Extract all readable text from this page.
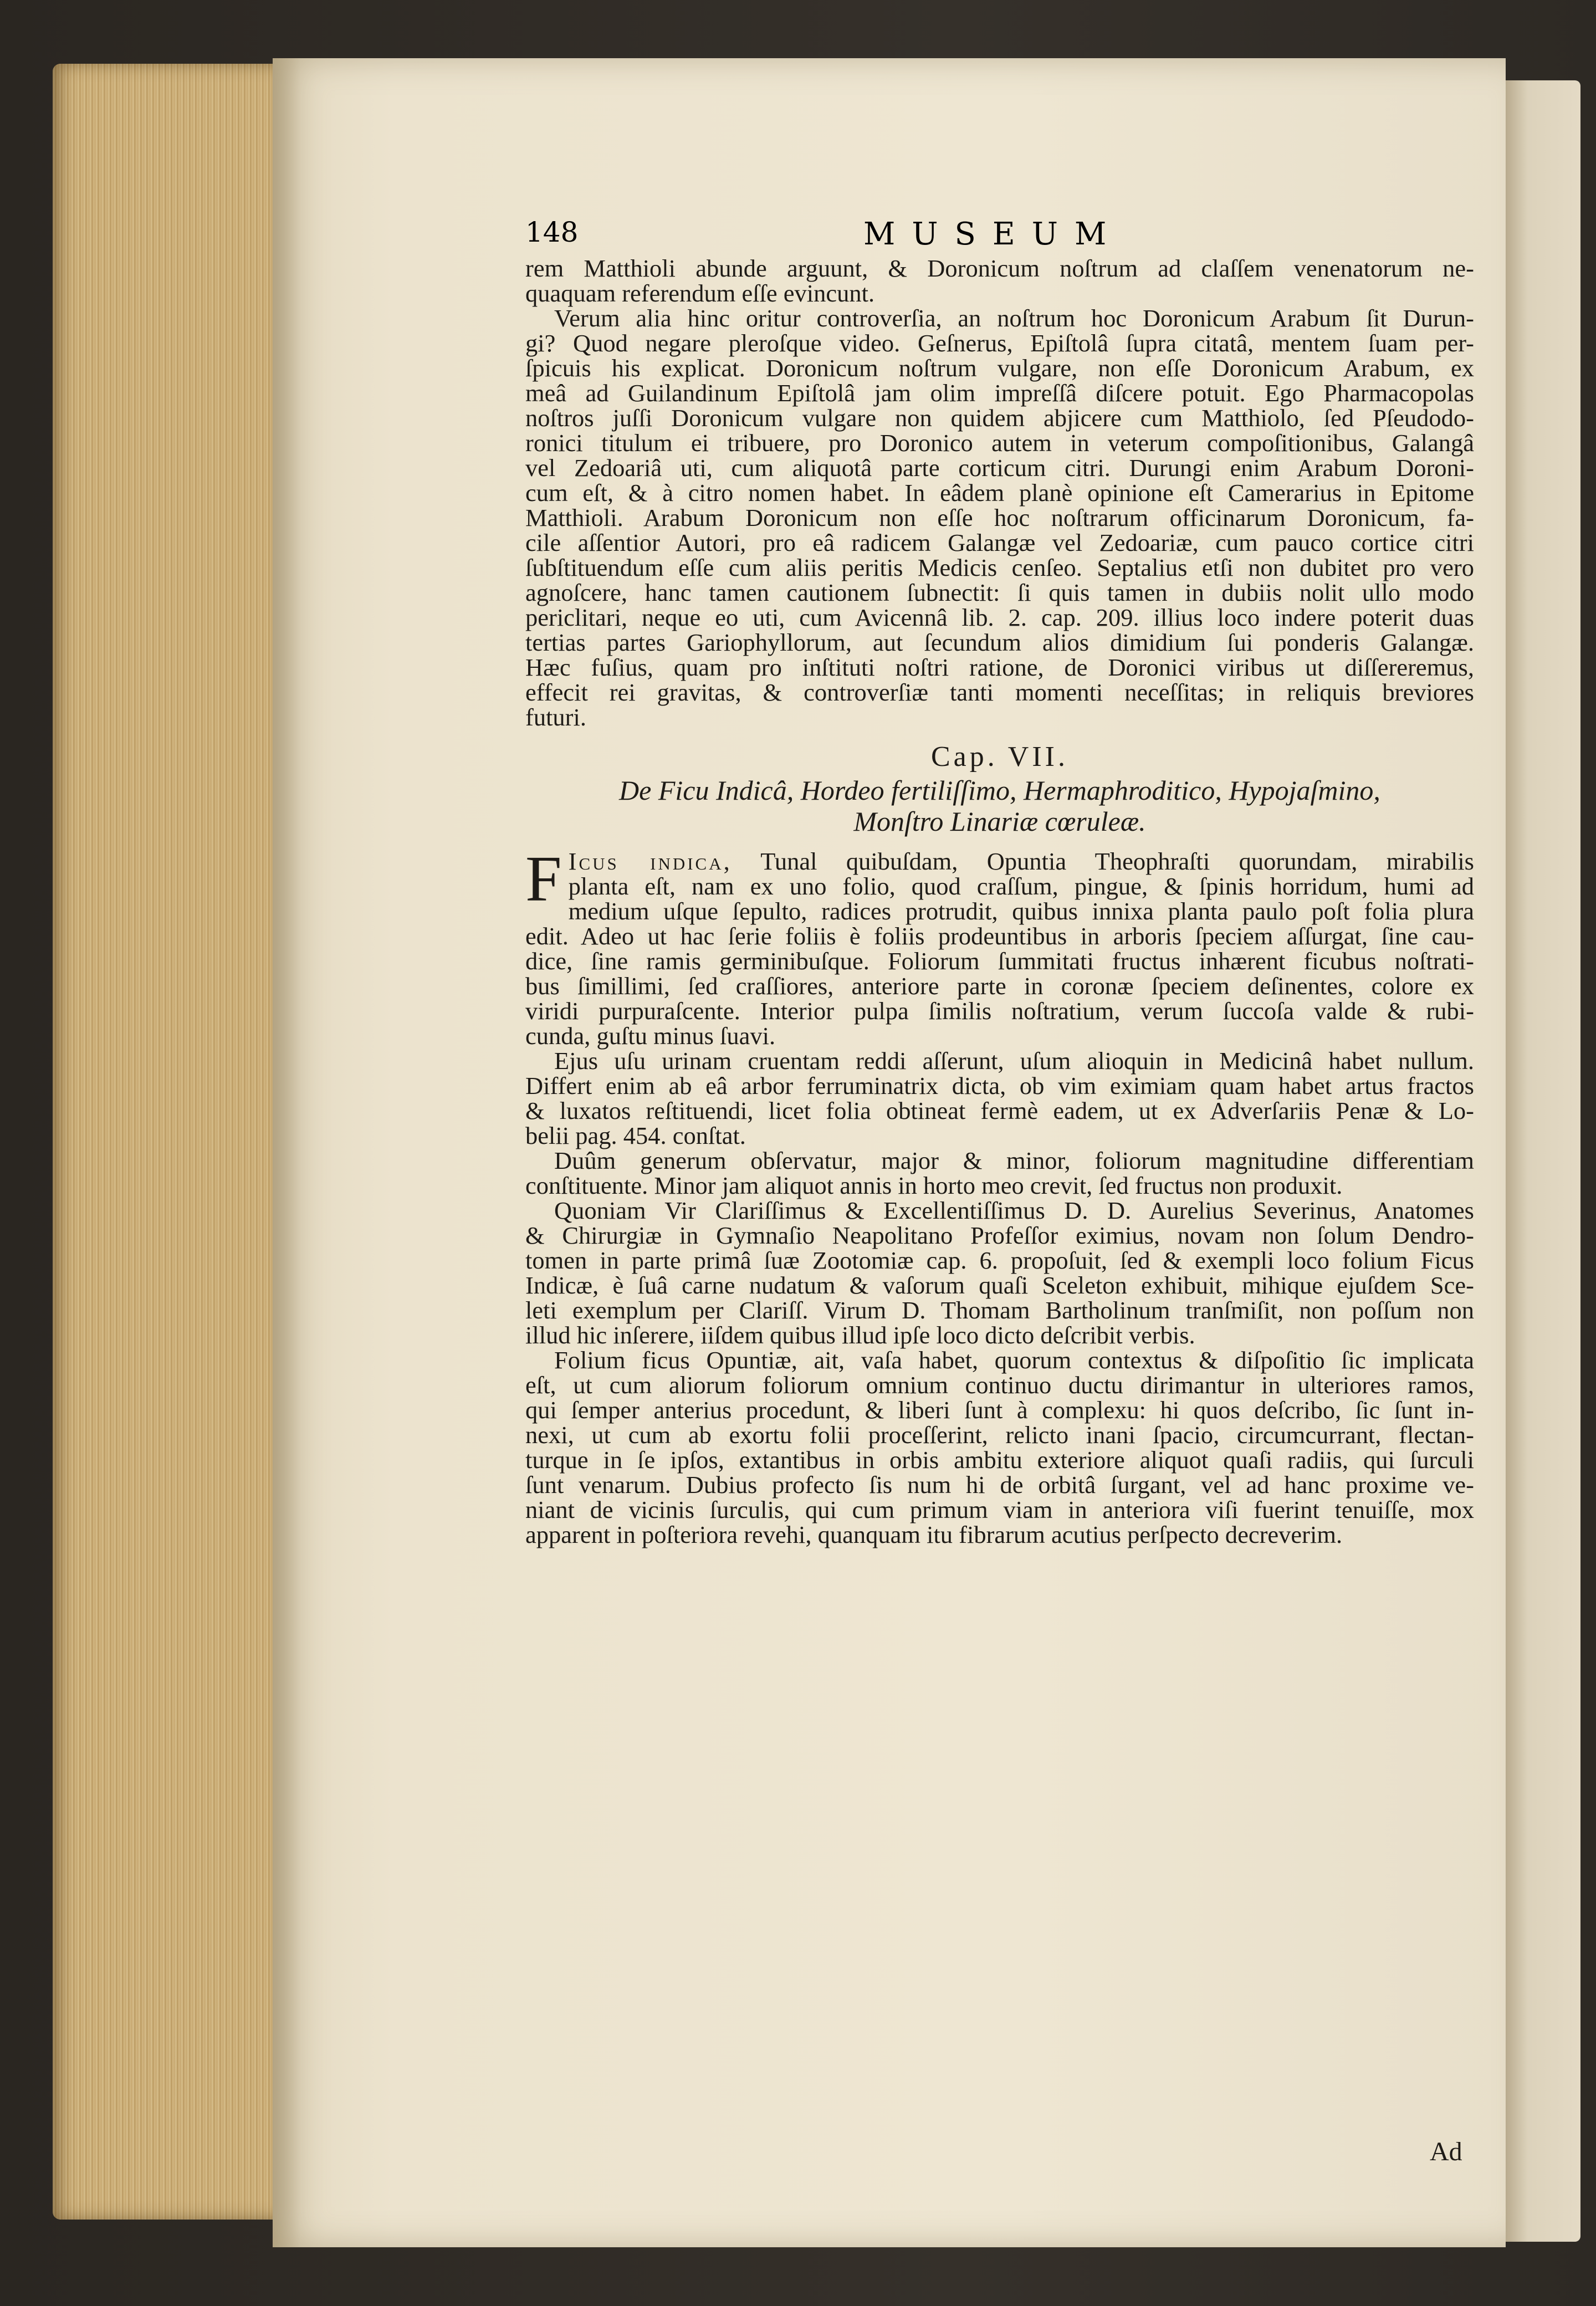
148	MUSEUM
rem Matthioli abunde arguunt, & Doronicum noſtrum ad claſſem venenatorum ne-
quaquam referendum eſſe evincunt.
Verum alia hinc oritur controverſia, an noſtrum hoc Doronicum Arabum ſit Durun-
gi? Quod negare pleroſque video. Geſnerus, Epiſtolâ ſupra citatâ, mentem ſuam per-
ſpicuis his explicat. Doronicum noſtrum vulgare, non eſſe Doronicum Arabum, ex
meâ ad Guilandinum Epiſtolâ jam olim impreſſâ diſcere potuit. Ego Pharmacopolas
noſtros juſſi Doronicum vulgare non quidem abjicere cum Matthiolo, ſed Pſeudodo-
ronici titulum ei tribuere, pro Doronico autem in veterum compoſitionibus, Galangâ
vel Zedoariâ uti, cum aliquotâ parte corticum citri. Durungi enim Arabum Doroni-
cum eſt, & à citro nomen habet. In eâdem planè opinione eſt Camerarius in Epitome
Matthioli. Arabum Doronicum non eſſe hoc noſtrarum officinarum Doronicum, fa-
cile aſſentior Autori, pro eâ radicem Galangæ vel Zedoariæ, cum pauco cortice citri
ſubſtituendum eſſe cum aliis peritis Medicis cenſeo. Septalius etſi non dubitet pro vero
agnoſcere, hanc tamen cautionem ſubnectit: ſi quis tamen in dubiis nolit ullo modo
periclitari, neque eo uti, cum Avicennâ lib. 2. cap. 209. illius loco indere poterit duas
tertias partes Gariophyllorum, aut ſecundum alios dimidium ſui ponderis Galangæ.
Hæc fuſius, quam pro inſtituti noſtri ratione, de Doronici viribus ut diſſereremus,
effecit rei gravitas, & controverſiæ tanti momenti neceſſitas; in reliquis breviores
futuri.
Cap. VII.
De Ficu Indicâ, Hordeo fertiliſſimo, Hermaphroditico, Hypojaſmino,
Monſtro Linariæ cœruleæ.
F Icus indica, Tunal quibuſdam, Opuntia Theophraſti quorundam, mirabilis
planta eſt, nam ex uno folio, quod craſſum, pingue, & ſpinis horridum, humi ad
medium uſque ſepulto, radices protrudit, quibus innixa planta paulo poſt folia plura
edit. Adeo ut hac ſerie foliis è foliis prodeuntibus in arboris ſpeciem aſſurgat, ſine cau-
dice, ſine ramis germinibuſque. Foliorum ſummitati fructus inhærent ficubus noſtrati-
bus ſimillimi, ſed craſſiores, anteriore parte in coronæ ſpeciem deſinentes, colore ex
viridi purpuraſcente. Interior pulpa ſimilis noſtratium, verum ſuccoſa valde & rubi-
cunda, guſtu minus ſuavi.
Ejus uſu urinam cruentam reddi aſſerunt, uſum alioquin in Medicinâ habet nullum.
Differt enim ab eâ arbor ferruminatrix dicta, ob vim eximiam quam habet artus fractos
& luxatos reſtituendi, licet folia obtineat fermè eadem, ut ex Adverſariis Penæ & Lo-
belii pag. 454. conſtat.
Duûm generum obſervatur, major & minor, foliorum magnitudine differentiam
conſtituente. Minor jam aliquot annis in horto meo crevit, ſed fructus non produxit.
Quoniam Vir Clariſſimus & Excellentiſſimus D. D. Aurelius Severinus, Anatomes
& Chirurgiæ in Gymnaſio Neapolitano Profeſſor eximius, novam non ſolum Dendro-
tomen in parte primâ ſuæ Zootomiæ cap. 6. propoſuit, ſed & exempli loco folium Ficus
Indicæ, è ſuâ carne nudatum & vaſorum quaſi Sceleton exhibuit, mihique ejuſdem Sce-
leti exemplum per Clariſſ. Virum D. Thomam Bartholinum tranſmiſit, non poſſum non
illud hic inſerere, iiſdem quibus illud ipſe loco dicto deſcribit verbis.
Folium ficus Opuntiæ, ait, vaſa habet, quorum contextus & diſpoſitio ſic implicata
eſt, ut cum aliorum foliorum omnium continuo ductu dirimantur in ulteriores ramos,
qui ſemper anterius procedunt, & liberi ſunt à complexu: hi quos deſcribo, ſic ſunt in-
nexi, ut cum ab exortu folii proceſſerint, relicto inani ſpacio, circumcurrant, flectan-
turque in ſe ipſos, extantibus in orbis ambitu exteriore aliquot quaſi radiis, qui ſurculi
ſunt venarum. Dubius profecto ſis num hi de orbitâ ſurgant, vel ad hanc proxime ve-
niant de vicinis ſurculis, qui cum primum viam in anteriora viſi fuerint tenuiſſe, mox
apparent in poſteriora revehi, quanquam itu fibrarum acutius perſpecto decreverim.
Ad
